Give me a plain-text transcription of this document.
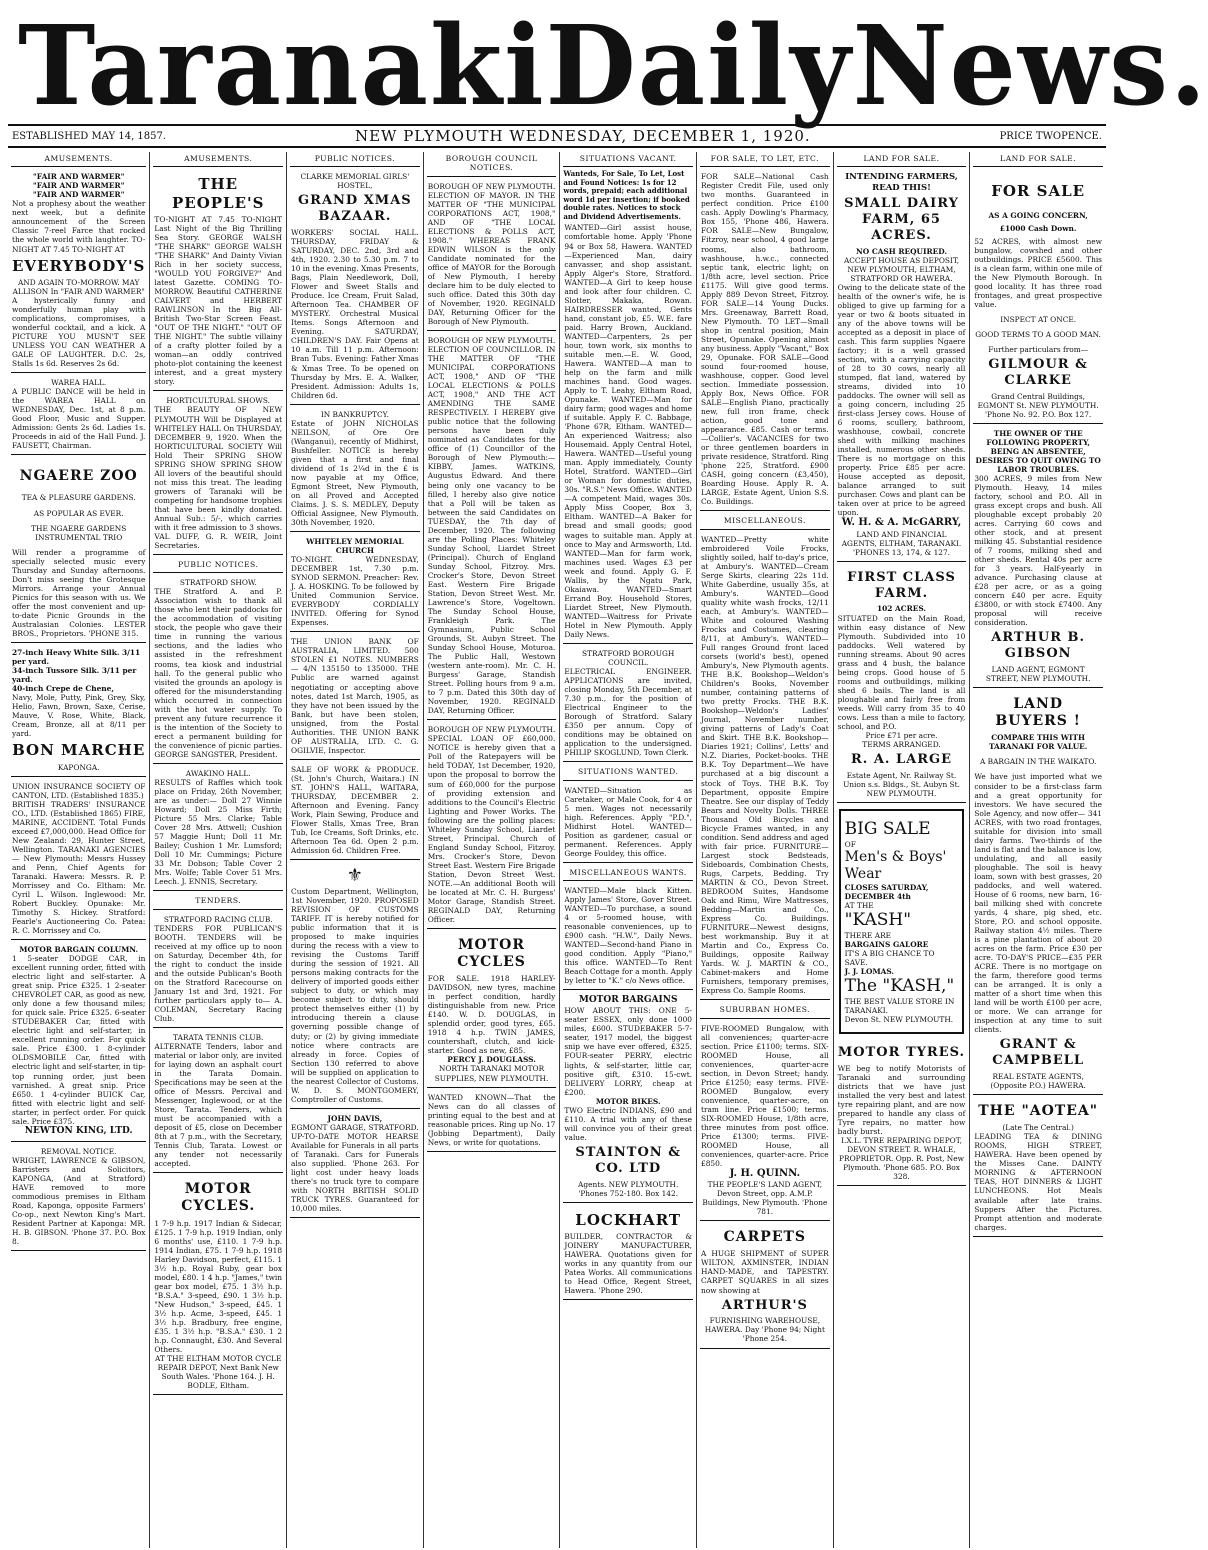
Taranaki Daily News.
ESTABLISHED MAY 14, 1857.	NEW PLYMOUTH WEDNESDAY, DECEMBER 1, 1920.	PRICE TWOPENCE.
AMUSEMENTS.
"FAIR AND WARMER"
"FAIR AND WARMER"
"FAIR AND WARMER"
Not a prophesy about the weather next week, but a definite announcement of the Screen Classic 7-reel Farce that rocked the whole world with laughter. TO-NIGHT AT 7.45 TO-NIGHT AT
EVERYBODY'S
AND AGAIN TO-MORROW. MAY ALLISON In "FAIR AND WARMER"
A hysterically funny and wonderfully human play with complications, compromises, a wonderful cocktail, and a kick. A PICTURE YOU MUSN'T SEE UNLESS YOU CAN WEATHER A GALE OF LAUGHTER. D.C. 2s, Stalls 1s 6d. Reserves 2s 6d.
WAREA HALL.
A PUBLIC DANCE will be held in the WAREA HALL on WEDNESDAY, Dec. 1st, at 8 p.m. Good Floor, Music and Supper. Admission: Gents 2s 6d. Ladies 1s. Proceeds in aid of the Hall Fund. J. FAUSETT, Chairman.
NGAERE ZOO
TEA & PLEASURE GARDENS.
AS POPULAR AS EVER.
THE NGAERE GARDENS INSTRUMENTAL TRIO
Will render a programme of specially selected music every Thursday and Sunday afternoons. Don't miss seeing the Grotesque Mirrors. Arrange your Annual Picnics for this season with us. We offer the most convenient and up-to-date Picnic Grounds in the Australasian Colonies. LESTER BROS., Proprietors. 'PHONE 315.
27-inch Heavy White Silk. 3/11 per yard.
34-inch Tussore Silk. 3/11 per yard.
40-inch Crepe de Chene,
Navy, Mole, Putty, Pink, Grey, Sky, Helio, Fawn, Brown, Saxe, Cerise, Mauve, V. Rose, White, Black, Cream, Bronze, all at 8/11 per yard.
BON MARCHE
KAPONGA.
UNION INSURANCE SOCIETY OF CANTON, LTD. (Established 1835.)
BRITISH TRADERS' INSURANCE CO., LTD. (Established 1865) FIRE, MARINE, ACCIDENT. Total Funds exceed £7,000,000. Head Office for New Zealand: 29, Hunter Street, Wellington. TARANAKI AGENCIES— New Plymouth: Messrs Hussey and Penn, Chief Agents for Taranaki. Hawera: Messrs. R. P. Morrissey and Co. Eltham: Mr. Cyril L. Wilson. Inglewood: Mr. Robert Buckley. Opunake: Mr. Timothy S. Hickey. Stratford: Fearle's Auctioneering Co. Patea: R. C. Morrissey and Co.
MOTOR BARGAIN COLUMN.
1 5-seater DODGE CAR, in excellent running order, fitted with electric light and self-starter. A great snip. Price £325. 1 2-seater CHEVROLET CAR, as good as new, only done a few thousand miles; for quick sale. Price £325. 6-seater STUDEBAKER Car, fitted with electric light and self-starter, in excellent running order. For quick sale. Price £300. 1 8-cylinder OLDSMOBILE Car, fitted with electric light and self-starter, in tip-top running order, just been varnished. A great snip. Price £650. 1 4-cylinder BUICK Car, fitted with electric light and self-starter, in perfect order. For quick sale. Price £375.
NEWTON KING, LTD.
REMOVAL NOTICE.
WRIGHT, LAWRENCE & GIBSON, Barristers and Solicitors, KAPONGA, (And at Stratford) HAVE removed to more commodious premises in Eltham Road, Kaponga, opposite Farmers' Co-op., next Newton King's Mart. Resident Partner at Kaponga: MR. H. B. GIBSON. 'Phone 37. P.O. Box 8.
AMUSEMENTS.
THE PEOPLE'S
TO-NIGHT AT 7.45 TO-NIGHT Last Night of the Big Thrilling Sea Story. GEORGE WALSH "THE SHARK" GEORGE WALSH "THE SHARK" And Dainty Vivian Rich in her society success, "WOULD YOU FORGIVE?" And latest Gazette. COMING TO-MORROW. Beautiful CATHERINE CALVERT and HERBERT RAWLINSON In the Big All-British Two-Star Screen Feast. "OUT OF THE NIGHT." "OUT OF THE NIGHT." The subtle villainy of a crafty plotter foiled by a woman—an oddly contrived photo-plot containing the keenest interest, and a great mystery story.
HORTICULTURAL SHOWS.
THE BEAUTY OF NEW PLYMOUTH Will be Displayed at WHITELEY HALL On THURSDAY, DECEMBER 9, 1920. When the HORTICULTURAL SOCIETY Will Hold Their SPRING SHOW SPRING SHOW SPRING SHOW All lovers of the beautiful should not miss this treat. The leading growers of Taranaki will be competing for handsome trophies that have been kindly donated. Annual Sub.: 5/-, which carries with it free admission to 3 shows. VAL DUFF, G. R. WEIR, Joint Secretaries.
PUBLIC NOTICES.
STRATFORD SHOW.
THE Stratford A. and P. Association wish to thank all those who lent their paddocks for the accommodation of visiting stock, the people who gave their time in running the various sections, and the ladies who assisted in the refreshment rooms, tea kiosk and industrial hall. To the general public who visited the grounds an apology is offered for the misunderstanding which occurred in connection with the hot water supply. To prevent any future recurrence it is the intention of the Society to erect a permanent building for the convenience of picnic parties. GEORGE SANGSTER, President.
AWAKINO HALL.
RESULTS of Raffles which took place on Friday, 26th November, are as under:— Doll 27 Winnie Howard; Doll 25 Miss Firth; Picture 55 Mrs. Clarke; Table Cover 28 Mrs. Attwell; Cushion 57 Maggie Hunt; Doll 11 Mr. Bailey; Cushion 1 Mr. Lumsford; Doll 10 Mr. Cummings; Picture 33 Mr. Dobson; Table Cover 2 Mrs. Wolfe; Table Cover 51 Mrs. Leech. J. ENNIS, Secretary.
TENDERS.
STRATFORD RACING CLUB.
TENDERS FOR PUBLICAN'S BOOTH. TENDERS will be received at my office up to noon on Saturday, December 4th, for the right to conduct the inside and the outside Publican's Booth on the Stratford Racecourse on January 1st and 3rd, 1921. For further particulars apply to— A. COLEMAN, Secretary Racing Club.
TARATA TENNIS CLUB.
ALTERNATE Tenders, labor and material or labor only, are invited for laying down an asphalt court in the Tarata Domain. Specifications may be seen at the office of Messrs. Percival and Messenger, Inglewood, or at the Store, Tarata. Tenders, which must be accompanied with a deposit of £5, close on December 8th at 7 p.m., with the Secretary, Tennis Club, Tarata. Lowest or any tender not necessarily accepted.
MOTOR CYCLES.
1 7-9 h.p. 1917 Indian & Sidecar, £125. 1 7-9 h.p. 1919 Indian, only 6 months' use, £110. 1 7-9 h.p. 1914 Indian, £75. 1 7-9 h.p. 1918 Harley Davidson, perfect, £115. 1 3½ h.p. Royal Ruby, gear box model, £80. 1 4 h.p. "James," twin gear box model, £75. 1 3½ h.p. "B.S.A." 3-speed, £90. 1 3½ h.p. "New Hudson," 3-speed, £45. 1 3½ h.p. Acme, 3-speed, £45. 1 3½ h.p. Bradbury, free engine, £35. 1 3½ h.p. "B.S.A." £30. 1 2 h.p. Connaught, £30. And Several Others.
AT THE ELTHAM MOTOR CYCLE REPAIR DEPOT, Next Bank New South Wales. 'Phone 164. J. H. BODLE, Eltham.
PUBLIC NOTICES.
CLARKE MEMORIAL GIRLS' HOSTEL,
GRAND XMAS BAZAAR.
WORKERS' SOCIAL HALL. THURSDAY, FRIDAY & SATURDAY, DEC. 2nd, 3rd and 4th, 1920. 2.30 to 5.30 p.m. 7 to 10 in the evening. Xmas Presents, Bags, Plain Needlework, Doll, Flower and Sweet Stalls and Produce. Ice Cream, Fruit Salad, Afternoon Tea. CHAMBER OF MYSTERY. Orchestral Musical Items. Songs Afternoon and Evening. SATURDAY, CHILDREN'S DAY. Fair Opens at 10 a.m. Till 11 p.m. Afternoon: Bran Tubs. Evening: Father Xmas & Xmas Tree. To be opened on Thursday by Mrs. E. A. Walker, President. Admission: Adults 1s, Children 6d.
IN BANKRUPTCY.
Estate of JOHN NICHOLAS NEILSON, of Ore Ore (Wanganui), recently of Midhirst, Bushfeller. NOTICE is hereby given that a first and final dividend of 1s 2¼d in the £ is now payable at my Office, Egmont Street, New Plymouth, on all Proved and Accepted Claims. J. S. S. MEDLEY, Deputy Official Assignee, New Plymouth. 30th November, 1920.
WHITELEY MEMORIAL CHURCH
TO-NIGHT. WEDNESDAY, DECEMBER 1st, 7.30 p.m. SYNOD SERMON. Preacher: Rev. J. A. HOSKING. To be followed by United Communion Service. EVERYBODY CORDIALLY INVITED. Offering for Synod Expenses.
THE UNION BANK OF AUSTRALIA, LIMITED. 500 STOLEN £1 NOTES. NUMBERS— 4/N 135150 to 135000. THE Public are warned against negotiating or accepting above notes, dated 1st March, 1905, as they have not been issued by the Bank, but have been stolen, unsigned, from the Postal Authorities. THE UNION BANK OF AUSTRALIA, LTD. C. G. OGILVIE, Inspector.
SALE OF WORK & PRODUCE. (St. John's Church, Waitara.) IN ST. JOHN'S HALL, WAITARA, THURSDAY, DECEMBER 2. Afternoon and Evening. Fancy Work, Plain Sewing, Produce and Flower Stalls, Xmas Tree, Bran Tub, Ice Creams, Soft Drinks, etc. Afternoon Tea 6d. Open 2 p.m. Admission 6d. Children Free.
⚜
Custom Department, Wellington, 1st November, 1920. PROPOSED REVISION OF CUSTOMS TARIFF. IT is hereby notified for public information that it is proposed to make inquiries during the recess with a view to revising the Customs Tariff during the session of 1921. All persons making contracts for the delivery of imported goods either subject to duty, or which may become subject to duty, should protect themselves either (1) by introducing therein a clause governing possible change of duty; or (2) by giving immediate notice where contracts are already in force. Copies of Section 130 referred to above will be supplied on application to the nearest Collector of Customs. W. D. S. MONTGOMERY, Comptroller of Customs.
JOHN DAVIS,
EGMONT GARAGE, STRATFORD. UP-TO-DATE MOTOR HEARSE Available for Funerals in all parts of Taranaki. Cars for Funerals also supplied. 'Phone 263. For light cost under heavy loads there's no truck tyre to compare with NORTH BRITISH SOLID TRUCK TYRES. Guaranteed for 10,000 miles.
BOROUGH COUNCIL NOTICES.
BOROUGH OF NEW PLYMOUTH. ELECTION OF MAYOR. IN THE MATTER OF "THE MUNICIPAL CORPORATIONS ACT, 1908," AND OF "THE LOCAL ELECTIONS & POLLS ACT, 1908." WHEREAS FRANK EDWIN WILSON is the only Candidate nominated for the office of MAYOR for the Borough of New Plymouth, I hereby declare him to be duly elected to such office. Dated this 30th day of November, 1920. REGINALD DAY, Returning Officer for the Borough of New Plymouth.
BOROUGH OF NEW PLYMOUTH. ELECTION OF COUNCILLOR. IN THE MATTER OF "THE MUNICIPAL CORPORATIONS ACT, 1908," AND OF "THE LOCAL ELECTIONS & POLLS ACT, 1908," AND THE ACT AMENDING THE SAME RESPECTIVELY. I HEREBY give public notice that the following persons have been duly nominated as Candidates for the office of (1) Councillor of the Borough of New Plymouth:— KIBBY, James. WATKINS, Augustus Edward. And there being only one vacancy to be filled, I hereby also give notice that a Poll will be taken as between the said Candidates on TUESDAY, the 7th day of December, 1920. The following are the Polling Places: Whiteley Sunday School, Liardet Street (Principal). Church of England Sunday School, Fitzroy. Mrs. Crocker's Store, Devon Street East. Western Fire Brigade Station, Devon Street West. Mr. Lawrence's Store, Vogeltown. The Sunday School House, Frankleigh Park. The Gymnasium, Public School Grounds, St. Aubyn Street. The Sunday School House, Moturoa. The Public Hall, Westown (western ante-room). Mr. C. H. Burgess' Garage, Standish Street. Polling hours from 9 a.m. to 7 p.m. Dated this 30th day of November, 1920. REGINALD DAY, Returning Officer.
BOROUGH OF NEW PLYMOUTH. SPECIAL LOAN OF £60,000. NOTICE is hereby given that a Poll of the Ratepayers will be held TODAY, 1st December, 1920, upon the proposal to borrow the sum of £60,000 for the purpose of providing extension and additions to the Council's Electric Lighting and Power Works. The following are the polling places: Whiteley Sunday School, Liardet Street, Principal. Church of England Sunday School, Fitzroy. Mrs. Crocker's Store, Devon Street East. Western Fire Brigade Station, Devon Street West. NOTE.—An additional Booth will be located at Mr. C. H. Burgess' Motor Garage, Standish Street. REGINALD DAY, Returning Officer.
MOTOR CYCLES
FOR SALE. 1918 HARLEY-DAVIDSON, new tyres, machine in perfect condition, hardly distinguishable from new. Price £140. W. D. DOUGLAS, in splendid order, good tyres, £65. 1918 4 h.p. TWIN JAMES, countershaft, clutch, and kick-starter. Good as new, £85.
PERCY J. DOUGLASS.
NORTH TARANAKI MOTOR SUPPLIES, NEW PLYMOUTH.
WANTED KNOWN—That the News can do all classes of printing equal to the best and at reasonable prices. Ring up No. 17 (Jobbing Department), Daily News, or write for quotations.
SITUATIONS VACANT.
Wanteds, For Sale, To Let, Lost and Found Notices: 1s for 12 words, prepaid; each additional word 1d per insertion; if booked double rates. Notices to stock and Dividend Advertisements.
WANTED—Girl assist house, comfortable home. Apply 'Phone 94 or Box 58, Hawera. WANTED—Experienced Man, dairy canvasser, and shop assistant. Apply Alger's Store, Stratford. WANTED—A Girl to keep house and look after four children. C. Slotter, Makaka, Rowan. HAIRDRESSER wanted, Gents hand, constant job, £5. W.E. fare paid. Harry Brown, Auckland. WANTED—Carpenters, 2s per hour, town work, six months to suitable men.—E. W. Good, Hawera. WANTED—A man to help on the farm and milk machines hand. Good wages. Apply to T. Leahy, Eltham Road, Opunake. WANTED—Man for dairy farm; good wages and home if suitable. Apply F. C. Babbage, 'Phone 67R, Eltham. WANTED—An experienced Waitress; also Housemaid. Apply Central Hotel, Hawera. WANTED—Useful young man. Apply immediately, County Hotel, Stratford. WANTED—Girl or Woman for domestic duties, 30s. "R.S." News Office. WANTED—A competent Maid, wages 30s. Apply Miss Cooper, Box 3, Eltham. WANTED—A Baker for bread and small goods; good wages to suitable man. Apply at once to May and Armsworth, Ltd. WANTED—Man for farm work, machines used. Wages £3 per week and found. Apply G. F. Wallis, by the Ngatu Park, Okaiawa. WANTED—Smart Errand Boy. Household Stores, Liardet Street, New Plymouth. WANTED—Waitress for Private Hotel in New Plymouth. Apply Daily News.
STRATFORD BOROUGH COUNCIL.
ELECTRICAL ENGINEER. APPLICATIONS are invited, closing Monday, 5th December, at 7.30 p.m., for the position of Electrical Engineer to the Borough of Stratford. Salary £350 per annum. Copy of conditions may be obtained on application to the undersigned. PHILIP SKOGLUND, Town Clerk.
SITUATIONS WANTED.
WANTED—Situation as Caretaker, or Male Cook, for 4 or 5 men. Wages not necessarily high. References. Apply "P.D.", Midhirst Hotel. WANTED—Position as gardener, casual or permanent. References. Apply George Fouldey, this office.
MISCELLANEOUS WANTS.
WANTED—Male black Kitten. Apply James' Store, Gover Street. WANTED—To purchase, a sound 4 or 5-roomed house, with reasonable conveniences, up to £900 cash. "H.W.", Daily News. WANTED—Second-hand Piano in good condition. Apply "Piano," this office. WANTED—To Rent Beach Cottage for a month. Apply by letter to "K." c/o News office.
MOTOR BARGAINS
HOW ABOUT THIS: ONE 5-seater ESSEX, only done 1000 miles, £600. STUDEBAKER 5-7-seater, 1917 model, the biggest snip we have ever offered, £325. FOUR-seater PERRY, electric lights, & self-starter, little car, positive gift, £310. 15-cwt. DELIVERY LORRY, cheap at £200.
MOTOR BIKES.
TWO Electric INDIANS, £90 and £110. A trial with any of these will convince you of their great value.
STAINTON & CO. LTD
Agents. NEW PLYMOUTH. 'Phones 752-180. Box 142.
LOCKHART
BUILDER, CONTRACTOR & JOINERY MANUFACTURER, HAWERA. Quotations given for works in any quantity from our Patea Works. All communications to Head Office, Regent Street, Hawera. 'Phone 290.
FOR SALE, TO LET, ETC.
FOR SALE—National Cash Register Credit File, used only two months. Guaranteed in perfect condition. Price £100 cash. Apply Dowling's Pharmacy, Box 155, 'Phone 486, Hawera. FOR SALE—New Bungalow, Fitzroy, near school, 4 good large rooms, also bathroom, washhouse, h.w.c., connected septic tank, electric light; on 1/8th acre, level section. Price £1175. Will give good terms. Apply 889 Devon Street, Fitzroy. FOR SALE—14 Young Ducks. Mrs. Greenaway, Barrett Road, New Plymouth. TO LET—Small shop in central position, Main Street, Opunake. Opening almost any business. Apply "Vacant," Box 29, Opunake. FOR SALE—Good sound four-roomed house, washhouse, copper. Good level section. Immediate possession. Apply Box, News Office. FOR SALE—English Piano, practically new, full iron frame, check action, good tone and appearance. £85. Cash or terms.—Collier's. VACANCIES for two or three gentlemen boarders in private residence, Stratford. Ring 'phone 225, Stratford. £900 CASH, going concern (£3,450), Boarding House. Apply R. A. LARGE, Estate Agent, Union S.S. Co. Buildings.
MISCELLANEOUS.
WANTED—Pretty white embroidered Voile Frocks, slightly soiled, half to-day's price, at Ambury's. WANTED—Cream Serge Skirts, clearing 22s 11d. White Gaberdine, usually 35s, at Ambury's. WANTED—Good quality white wash frocks, 12/11 each, at Ambury's. WANTED—White and coloured Washing Frocks and Costumes, clearing 8/11, at Ambury's. WANTED—Full ranges Ground front laced corsets (world's best), opened Ambury's, New Plymouth agents. THE B.K. Bookshop—Weldon's Children's Books, November number, containing patterns of two pretty Frocks. THE B.K. Bookshop—Weldon's Ladies' Journal, November number, giving patterns of Lady's Coat and Skirt. THE B.K. Bookshop—Diaries 1921; Collins', Letts' and N.Z. Diaries, Pocket-books. THE B.K. Toy Department—We have purchased at a big discount a stock of Toys. THE B.K. Toy Department, opposite Empire Theatre. See our display of Teddy Bears and Novelty Dolls. THREE Thousand Old Bicycles and Bicycle Frames wanted, in any condition. Send address and aged with fair price. FURNITURE—Largest stock Bedsteads, Sideboards, Combination Chests, Rugs, Carpets, Bedding. Try MARTIN & CO., Devon Street. BEDROOM Suites, Handsome Oak and Rimu, Wire Mattresses, Bedding—Martin and Co., Express Co. Buildings. FURNITURE—Newest designs, best workmanship. Buy it at Martin and Co., Express Co. Buildings, opposite Railway Yards. W. J. MARTIN & CO., Cabinet-makers and Home Furnishers, temporary premises, Express Co. Sample Rooms.
SUBURBAN HOMES.
FIVE-ROOMED Bungalow, with all conveniences; quarter-acre section. Price £1100; terms. SIX-ROOMED House, all conveniences, quarter-acre section, in Devon Street; handy. Price £1250; easy terms. FIVE-ROOMED Bungalow, every convenience, quarter-acre, on tram line. Price £1500; terms. SIX-ROOMED House, 1/8th acre, three minutes from post office. Price £1300; terms. FIVE-ROOMED House, all conveniences, quarter-acre. Price £850.
J. H. QUINN.
THE PEOPLE'S LAND AGENT, Devon Street, opp. A.M.P. Buildings, New Plymouth. 'Phone 781.
CARPETS
A HUGE SHIPMENT of SUPER WILTON, AXMINSTER, INDIAN HAND-MADE, and TAPESTRY. CARPET SQUARES in all sizes now showing at
ARTHUR'S
FURNISHING WAREHOUSE, HAWERA. Day 'Phone 94; Night 'Phone 254.
LAND FOR SALE.
INTENDING FARMERS, READ THIS!
SMALL DAIRY FARM, 65 ACRES.
NO CASH REQUIRED.
ACCEPT HOUSE AS DEPOSIT, NEW PLYMOUTH, ELTHAM, STRATFORD OR HAWERA.
Owing to the delicate state of the health of the owner's wife, he is obliged to give up farming for a year or two & boots situated in any of the above towns will be accepted as a deposit in place of cash. This farm supplies Ngaere factory; it is a well grassed section, with a carrying capacity of 28 to 30 cows, nearly all stumped, flat land, watered by streams, divided into 10 paddocks. The owner will sell as a going concern, including 25 first-class Jersey cows. House of 6 rooms, scullery, bathroom, washhouse, cowbail, concrete shed with milking machines installed, numerous other sheds. There is no mortgage on this property. Price £85 per acre. House accepted as deposit, balance arranged to suit purchaser. Cows and plant can be taken over at price to be agreed upon.
W. H. & A. McGARRY,
LAND AND FINANCIAL AGENTS, ELTHAM, TARANAKI. 'PHONES 13, 174, & 127.
FIRST CLASS FARM.
102 ACRES.
SITUATED on the Main Road, within easy distance of New Plymouth. Subdivided into 10 paddocks. Well watered by running streams. About 90 acres grass and 4 bush, the balance being crops. Good house of 5 rooms and outbuildings, milking shed 6 bails. The land is all ploughable and fairly free from weeds. Will carry from 35 to 40 cows. Less than a mile to factory, school, and P.O.
Price £71 per acre.
TERMS ARRANGED.
R. A. LARGE
Estate Agent, Nr. Railway St. Union s.s. Bldgs., St. Aubyn St. NEW PLYMOUTH.
BIG SALE
OF
Men's & Boys' Wear
CLOSES SATURDAY, DECEMBER 4th
AT THE
"KASH"
THERE ARE
BARGAINS GALORE
IT'S A BIG CHANCE TO SAVE.
J. J. LOMAS.
The "KASH,"
THE BEST VALUE STORE IN TARANAKI.
Devon St. NEW PLYMOUTH.
MOTOR TYRES.
WE beg to notify Motorists of Taranaki and surrounding districts that we have just installed the very best and latest tyre repairing plant, and are now prepared to handle any class of Tyre repairs, no matter how badly burst.
I.X.L. TYRE REPAIRING DEPOT, DEVON STREET. R. WHALE, PROPRIETOR. Opp. R. Post, New Plymouth. 'Phone 685. P.O. Box 328.
LAND FOR SALE.
FOR SALE
AS A GOING CONCERN,
£1000 Cash Down.
52 ACRES, with almost new bungalow, cowshed and other outbuildings. PRICE £5600. This is a clean farm, within one mile of the New Plymouth Borough. In good locality. It has three road frontages, and great prospective value.
INSPECT AT ONCE.
GOOD TERMS TO A GOOD MAN.
Further particulars from—
GILMOUR & CLARKE
Grand Central Buildings, EGMONT St. NEW PLYMOUTH. 'Phone No. 92. P.O. Box 127.
THE OWNER OF THE FOLLOWING PROPERTY, BEING AN ABSENTEE, DESIRES TO QUIT OWING TO LABOR TROUBLES.
300 ACRES, 9 miles from New Plymouth. Heavy, 14 miles factory, school and P.O. All in grass except crops and bush. All ploughable except probably 20 acres. Carrying 60 cows and other stock, and at present milking 45. Substantial residence of 7 rooms, milking shed and other sheds. Rental 40s per acre for 3 years. Half-yearly in advance. Purchasing clause at £28 per acre, or as a going concern £40 per acre. Equity £3800, or with stock £7400. Any proposal will receive consideration.
ARTHUR B. GIBSON
LAND AGENT, EGMONT STREET, NEW PLYMOUTH.
LAND BUYERS !
COMPARE THIS WITH TARANAKI FOR VALUE.
A BARGAIN IN THE WAIKATO.
We have just imported what we consider to be a first-class farm and a great opportunity for investors. We have secured the Sole Agency, and now offer— 341 ACRES, with two road frontages, suitable for division into small dairy farms. Two-thirds of the land is flat and the balance is low, undulating, and all easily ploughable. The soil is heavy loam, sown with best grasses, 20 paddocks, and well watered. House of 6 rooms, new barn, 16-bail milking shed with concrete yards, 4 share, pig shed, etc. Store, P.O. and school opposite. Railway station 4½ miles. There is a pine plantation of about 20 acres on the farm. Price £30 per acre. TO-DAY'S PRICE—£35 PER ACRE. There is no mortgage on the farm, therefore good terms can be arranged. It is only a matter of a short time when this land will be worth £100 per acre, or more. We can arrange for inspection at any time to suit clients.
GRANT & CAMPBELL
REAL ESTATE AGENTS, (Opposite P.O.) HAWERA.
THE "AOTEA"
(Late The Central.)
LEADING TEA & DINING ROOMS, HIGH STREET, HAWERA. Have been opened by the Misses Cane. DAINTY MORNING & AFTERNOON TEAS, HOT DINNERS & LIGHT LUNCHEONS. Hot Meals available after late trains. Suppers After the Pictures. Prompt attention and moderate charges.
